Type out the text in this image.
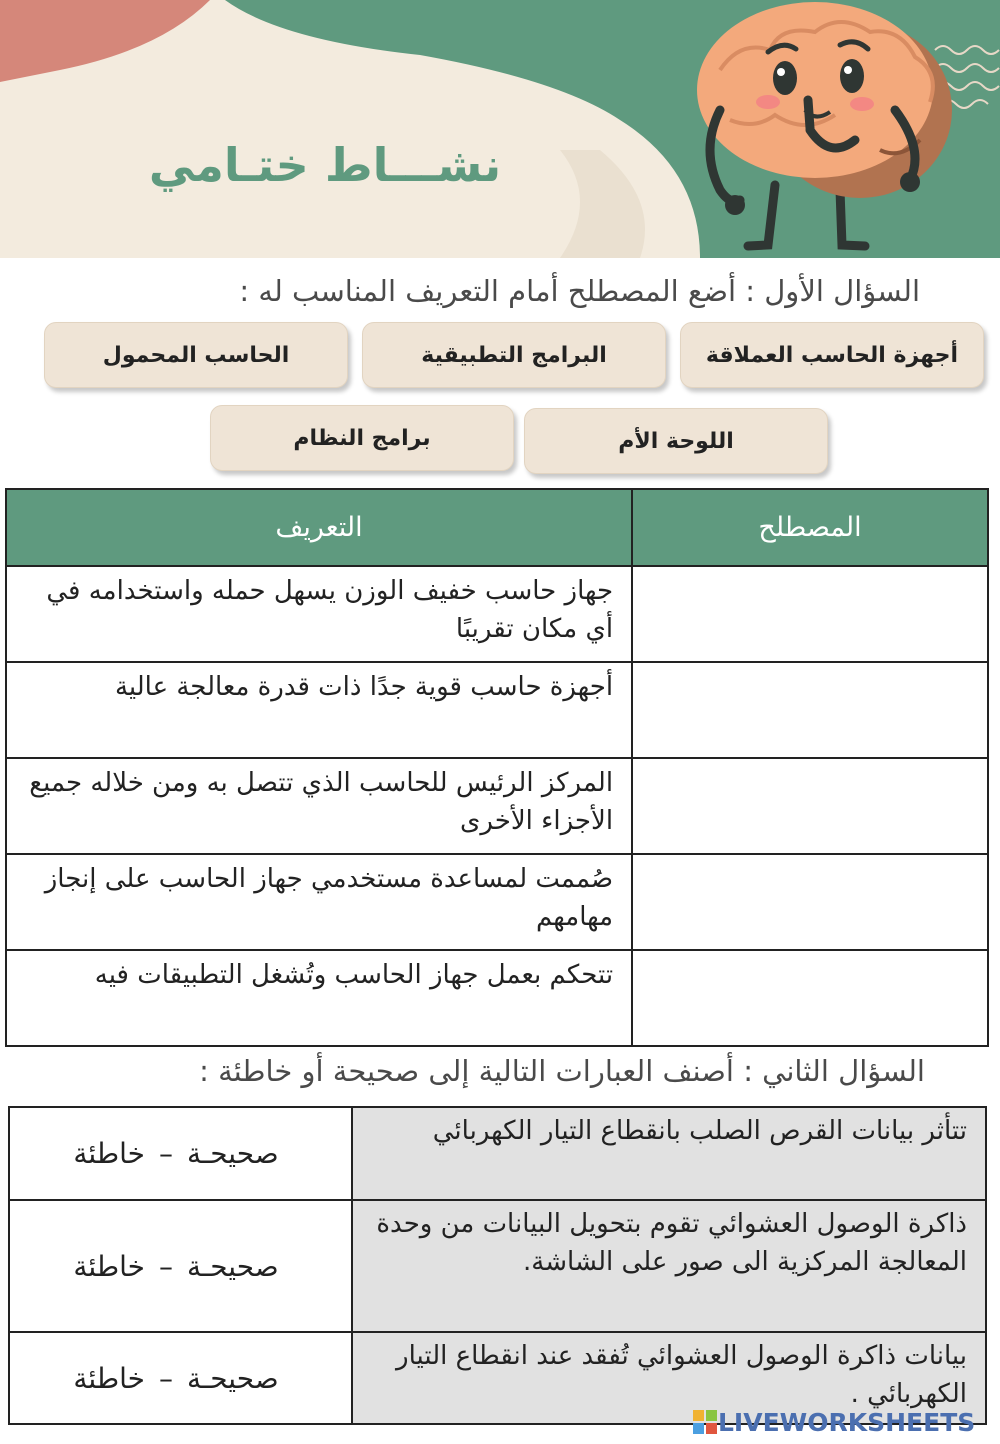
نشـــاط ختـامي
السؤال الأول : أضع المصطلح أمام التعريف المناسب له :
أجهزة الحاسب العملاقة
البرامج التطبيقية
الحاسب المحمول
اللوحة الأم
برامج النظام
التعريف	المصطلح
جهاز حاسب خفيف الوزن يسهل حمله واستخدامه في أي مكان تقريبًا	
أجهزة حاسب قوية جدًا ذات قدرة معالجة عالية	
المركز الرئيس للحاسب الذي تتصل به ومن خلاله جميع الأجزاء الأخرى	
صُممت لمساعدة مستخدمي جهاز الحاسب على إنجاز مهامهم	
تتحكم بعمل جهاز الحاسب وتُشغل التطبيقات فيه	
السؤال الثاني : أصنف العبارات التالية إلى صحيحة أو خاطئة :
صحيحـة–خاطئة	تتأثر بيانات القرص الصلب بانقطاع التيار الكهربائي
صحيحـة–خاطئة	ذاكرة الوصول العشوائي تقوم بتحويل البيانات من وحدة المعالجة المركزية الى صور على الشاشة.
صحيحـة–خاطئة	بيانات ذاكرة الوصول العشوائي تُفقد عند انقطاع التيار الكهربائي .
LIVEWORKSHEETS
